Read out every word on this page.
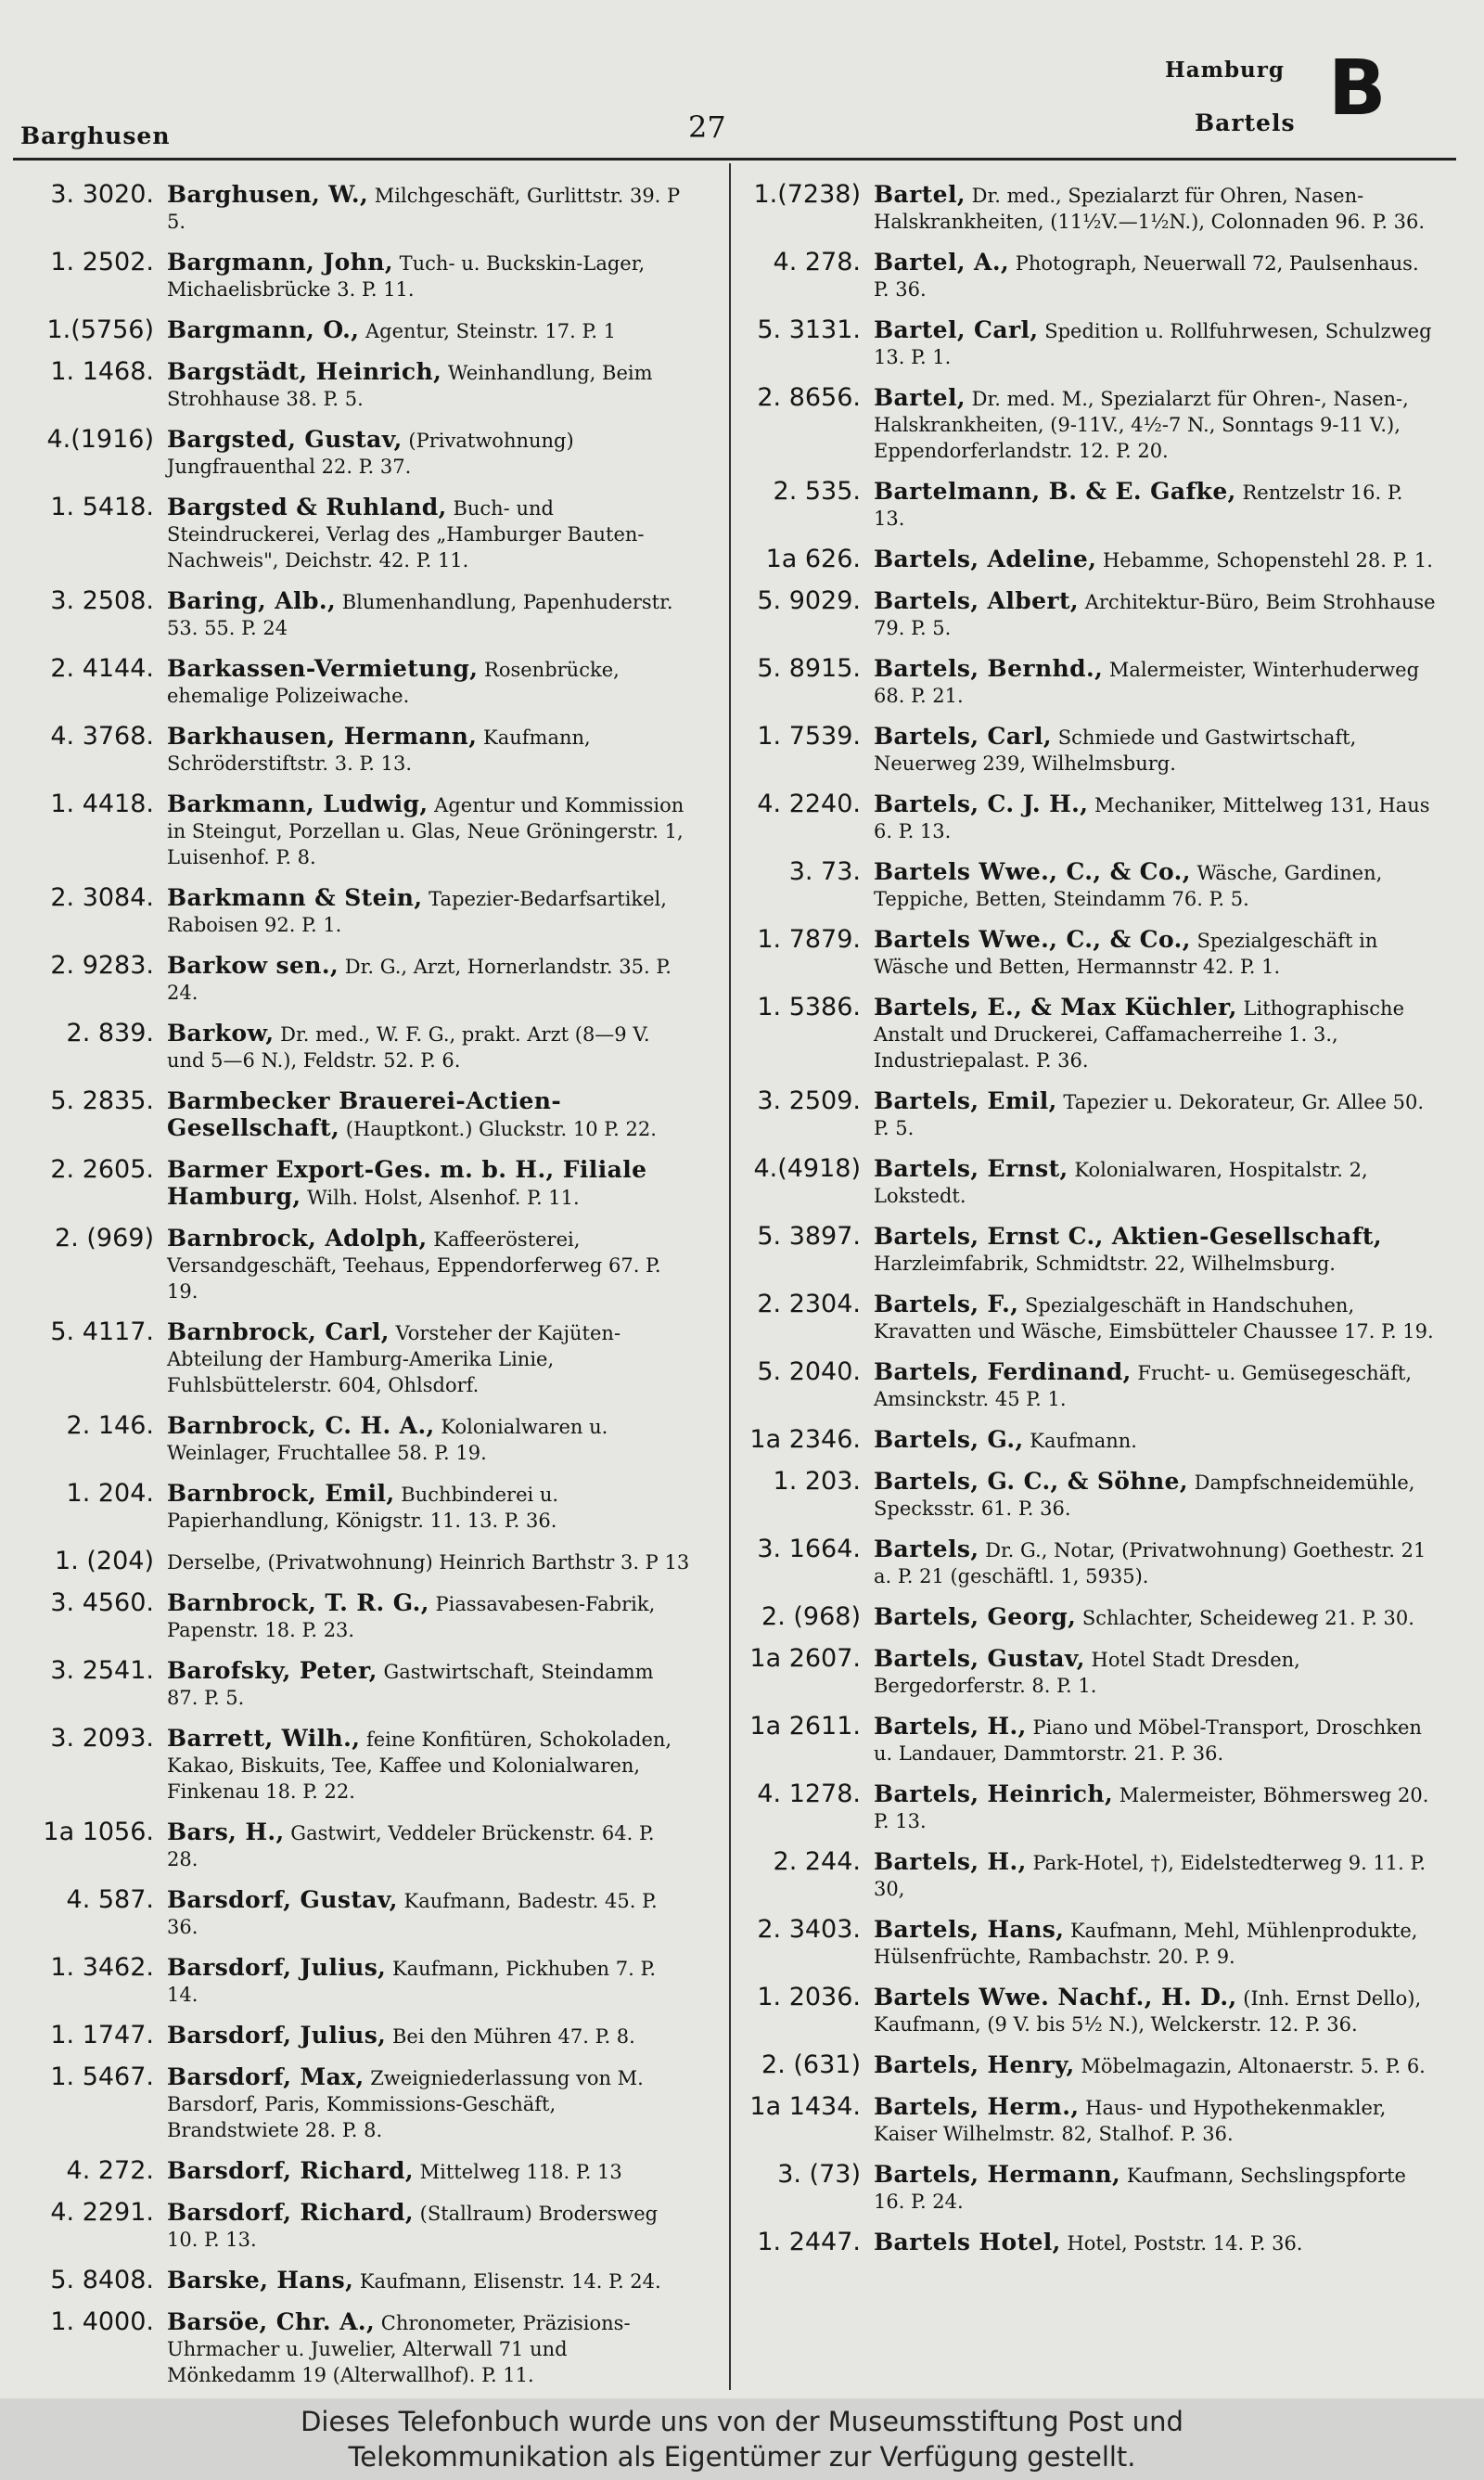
Barghusen	27
Hamburg
Bartels B
3. 3020. Barghusen, W., Milchgeschäft, Gurlittstr. 39. P 5.
1. 2502. Bargmann, John, Tuch- u. Buckskin-Lager, Michaelisbrücke 3. P. 11.
1.(5756) Bargmann, O., Agentur, Steinstr. 17. P. 1
1. 1468. Bargstädt, Heinrich, Weinhandlung, Beim Strohhause 38. P. 5.
4.(1916) Bargsted, Gustav, (Privatwohnung) Jungfrauenthal 22. P. 37.
1. 5418. Bargsted & Ruhland, Buch- und Steindruckerei, Verlag des „Hamburger Bauten-Nachweis", Deichstr. 42. P. 11.
3. 2508. Baring, Alb., Blumenhandlung, Papenhuderstr. 53. 55. P. 24
2. 4144. Barkassen-Vermietung, Rosenbrücke, ehemalige Polizeiwache.
4. 3768. Barkhausen, Hermann, Kaufmann, Schröderstiftstr. 3. P. 13.
1. 4418. Barkmann, Ludwig, Agentur und Kommission in Steingut, Porzellan u. Glas, Neue Gröningerstr. 1, Luisenhof. P. 8.
2. 3084. Barkmann & Stein, Tapezier-Bedarfsartikel, Raboisen 92. P. 1.
2. 9283. Barkow sen., Dr. G., Arzt, Hornerlandstr. 35. P. 24.
2. 839. Barkow, Dr. med., W. F. G., prakt. Arzt (8—9 V. und 5—6 N.), Feldstr. 52. P. 6.
5. 2835. Barmbecker Brauerei-Actien-Gesellschaft, (Hauptkont.) Gluckstr. 10 P. 22.
2. 2605. Barmer Export-Ges. m. b. H., Filiale Hamburg, Wilh. Holst, Alsenhof. P. 11.
2. (969) Barnbrock, Adolph, Kaffeerösterei, Versandgeschäft, Teehaus, Eppendorferweg 67. P. 19.
5. 4117. Barnbrock, Carl, Vorsteher der Kajüten-Abteilung der Hamburg-Amerika Linie, Fuhlsbüttelerstr. 604, Ohlsdorf.
2. 146. Barnbrock, C. H. A., Kolonialwaren u. Weinlager, Fruchtallee 58. P. 19.
1. 204. Barnbrock, Emil, Buchbinderei u. Papierhandlung, Königstr. 11. 13. P. 36.
1. (204) Derselbe, (Privatwohnung) Heinrich Barthstr 3. P 13
3. 4560. Barnbrock, T. R. G., Piassavabesen-Fabrik, Papenstr. 18. P. 23.
3. 2541. Barofsky, Peter, Gastwirtschaft, Steindamm 87. P. 5.
3. 2093. Barrett, Wilh., feine Konfitüren, Schokoladen, Kakao, Biskuits, Tee, Kaffee und Kolonialwaren, Finkenau 18. P. 22.
1a 1056. Bars, H., Gastwirt, Veddeler Brückenstr. 64. P. 28.
4. 587. Barsdorf, Gustav, Kaufmann, Badestr. 45. P. 36.
1. 3462. Barsdorf, Julius, Kaufmann, Pickhuben 7. P. 14.
1. 1747. Barsdorf, Julius, Bei den Mühren 47. P. 8.
1. 5467. Barsdorf, Max, Zweigniederlassung von M. Barsdorf, Paris, Kommissions-Geschäft, Brandstwiete 28. P. 8.
4. 272. Barsdorf, Richard, Mittelweg 118. P. 13
4. 2291. Barsdorf, Richard, (Stallraum) Brodersweg 10. P. 13.
5. 8408. Barske, Hans, Kaufmann, Elisenstr. 14. P. 24.
1. 4000. Barsöe, Chr. A., Chronometer, Präzisions-Uhrmacher u. Juwelier, Alterwall 71 und Mönkedamm 19 (Alterwallhof). P. 11.
1.(7238) Bartel, Dr. med., Spezialarzt für Ohren, Nasen- Halskrankheiten, (11½V.—1½N.), Colonnaden 96. P. 36.
4. 278. Bartel, A., Photograph, Neuerwall 72, Paulsenhaus. P. 36.
5. 3131. Bartel, Carl, Spedition u. Rollfuhrwesen, Schulzweg 13. P. 1.
2. 8656. Bartel, Dr. med. M., Spezialarzt für Ohren-, Nasen-, Halskrankheiten, (9-11V., 4½-7 N., Sonntags 9-11 V.), Eppendorferlandstr. 12. P. 20.
2. 535. Bartelmann, B. & E. Gafke, Rentzelstr 16. P. 13.
1a 626. Bartels, Adeline, Hebamme, Schopenstehl 28. P. 1.
5. 9029. Bartels, Albert, Architektur-Büro, Beim Strohhause 79. P. 5.
5. 8915. Bartels, Bernhd., Malermeister, Winterhuderweg 68. P. 21.
1. 7539. Bartels, Carl, Schmiede und Gastwirtschaft, Neuerweg 239, Wilhelmsburg.
4. 2240. Bartels, C. J. H., Mechaniker, Mittelweg 131, Haus 6. P. 13.
3. 73. Bartels Wwe., C., & Co., Wäsche, Gardinen, Teppiche, Betten, Steindamm 76. P. 5.
1. 7879. Bartels Wwe., C., & Co., Spezialgeschäft in Wäsche und Betten, Hermannstr 42. P. 1.
1. 5386. Bartels, E., & Max Küchler, Lithographische Anstalt und Druckerei, Caffamacherreihe 1. 3., Industriepalast. P. 36.
3. 2509. Bartels, Emil, Tapezier u. Dekorateur, Gr. Allee 50. P. 5.
4.(4918) Bartels, Ernst, Kolonialwaren, Hospitalstr. 2, Lokstedt.
5. 3897. Bartels, Ernst C., Aktien-Gesellschaft, Harzleimfabrik, Schmidtstr. 22, Wilhelmsburg.
2. 2304. Bartels, F., Spezialgeschäft in Handschuhen, Kravatten und Wäsche, Eimsbütteler Chaussee 17. P. 19.
5. 2040. Bartels, Ferdinand, Frucht- u. Gemüsegeschäft, Amsinckstr. 45 P. 1.
1a 2346. Bartels, G., Kaufmann.
1. 203. Bartels, G. C., & Söhne, Dampfschneidemühle, Specksstr. 61. P. 36.
3. 1664. Bartels, Dr. G., Notar, (Privatwohnung) Goethestr. 21 a. P. 21 (geschäftl. 1, 5935).
2. (968) Bartels, Georg, Schlachter, Scheideweg 21. P. 30.
1a 2607. Bartels, Gustav, Hotel Stadt Dresden, Bergedorferstr. 8. P. 1.
1a 2611. Bartels, H., Piano und Möbel-Transport, Droschken u. Landauer, Dammtorstr. 21. P. 36.
4. 1278. Bartels, Heinrich, Malermeister, Böhmersweg 20. P. 13.
2. 244. Bartels, H., Park-Hotel, †), Eidelstedterweg 9. 11. P. 30,
2. 3403. Bartels, Hans, Kaufmann, Mehl, Mühlenprodukte, Hülsenfrüchte, Rambachstr. 20. P. 9.
1. 2036. Bartels Wwe. Nachf., H. D., (Inh. Ernst Dello), Kaufmann, (9 V. bis 5½ N.), Welckerstr. 12. P. 36.
2. (631) Bartels, Henry, Möbelmagazin, Altonaerstr. 5. P. 6.
1a 1434. Bartels, Herm., Haus- und Hypothekenmakler, Kaiser Wilhelmstr. 82, Stalhof. P. 36.
3. (73) Bartels, Hermann, Kaufmann, Sechslingspforte 16. P. 24.
1. 2447. Bartels Hotel, Hotel, Poststr. 14. P. 36.
Dieses Telefonbuch wurde uns von der Museumsstiftung Post und
Telekommunikation als Eigentümer zur Verfügung gestellt.
